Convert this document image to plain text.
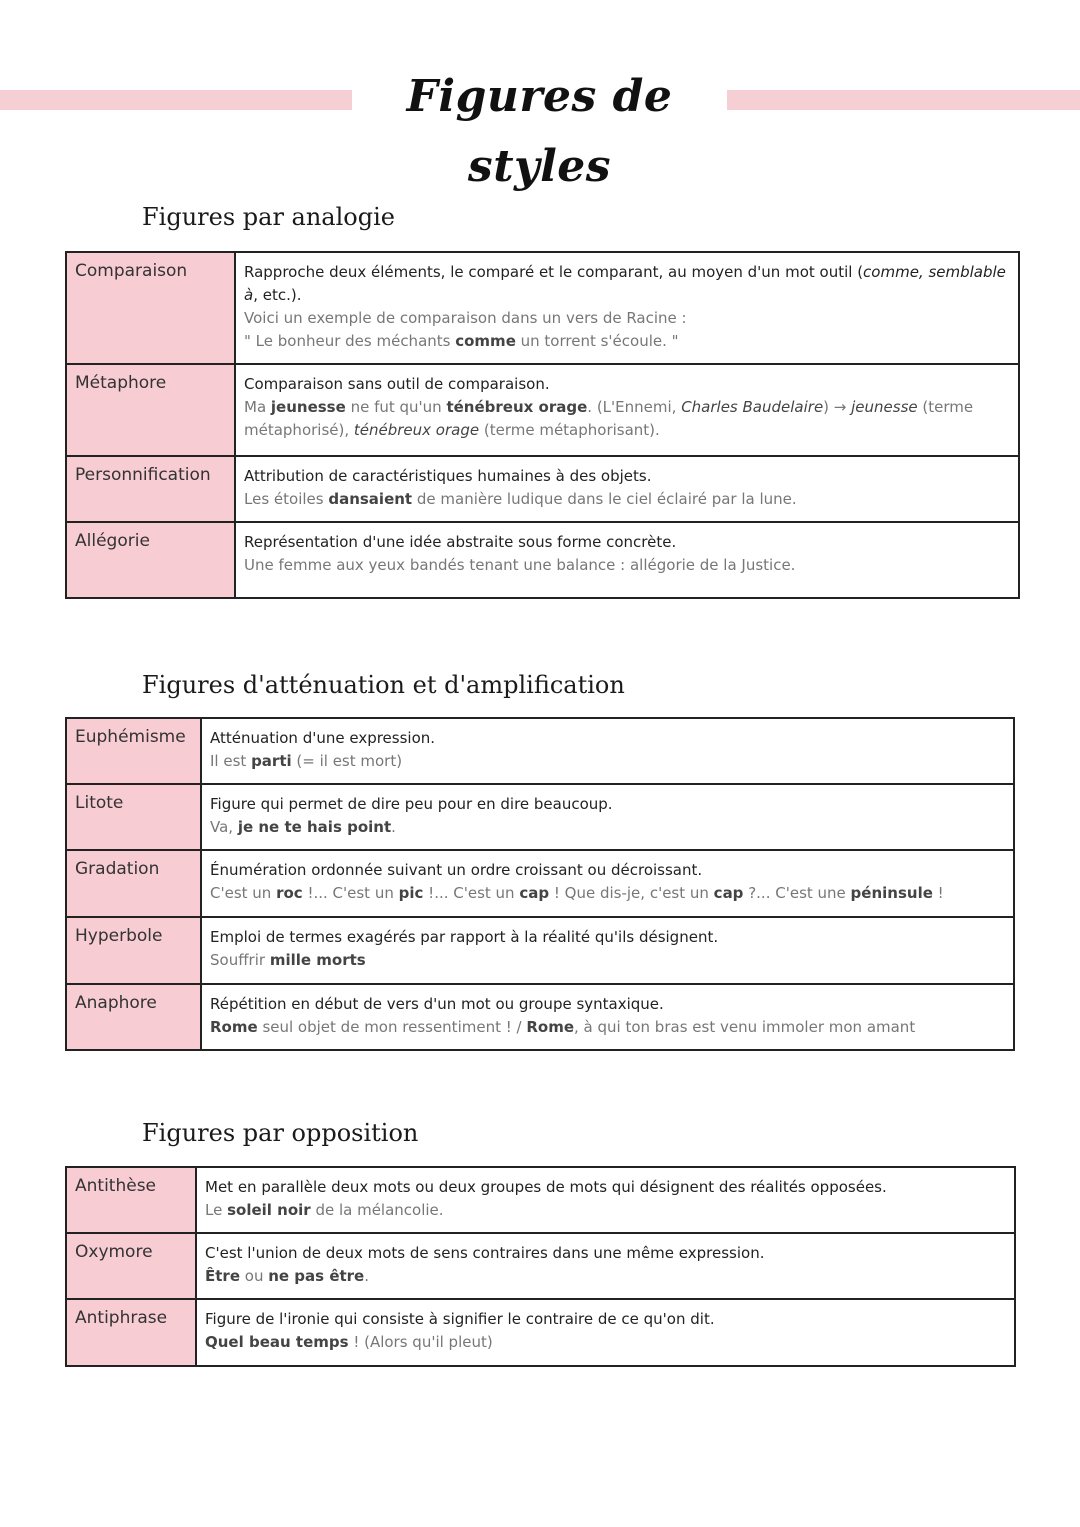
Figures de styles
Figures par analogie
Comparaison	Rapproche deux éléments, le comparé et le comparant, au moyen d'un mot outil (comme, semblable à, etc.).
Voici un exemple de comparaison dans un vers de Racine :
" Le bonheur des méchants comme un torrent s'écoule. "

Métaphore	Comparaison sans outil de comparaison.
Ma jeunesse ne fut qu'un ténébreux orage. (L'Ennemi, Charles Baudelaire) → jeunesse (terme métaphorisé), ténébreux orage (terme métaphorisant).

Personnification	Attribution de caractéristiques humaines à des objets.
Les étoiles dansaient de manière ludique dans le ciel éclairé par la lune.

Allégorie	Représentation d'une idée abstraite sous forme concrète.
Une femme aux yeux bandés tenant une balance : allégorie de la Justice.
Figures d'atténuation et d'amplification
Euphémisme	Atténuation d'une expression.
Il est parti (= il est mort)

Litote	Figure qui permet de dire peu pour en dire beaucoup.
Va, je ne te hais point.

Gradation	Énumération ordonnée suivant un ordre croissant ou décroissant.
C'est un roc !... C'est un pic !... C'est un cap ! Que dis-je, c'est un cap ?... C'est une péninsule !

Hyperbole	Emploi de termes exagérés par rapport à la réalité qu'ils désignent.
Souffrir mille morts

Anaphore	Répétition en début de vers d'un mot ou groupe syntaxique.
Rome seul objet de mon ressentiment ! / Rome, à qui ton bras est venu immoler mon amant
Figures par opposition
Antithèse	Met en parallèle deux mots ou deux groupes de mots qui désignent des réalités opposées.
Le soleil noir de la mélancolie.

Oxymore	C'est l'union de deux mots de sens contraires dans une même expression.
Être ou ne pas être.

Antiphrase	Figure de l'ironie qui consiste à signifier le contraire de ce qu'on dit.
Quel beau temps ! (Alors qu'il pleut)
